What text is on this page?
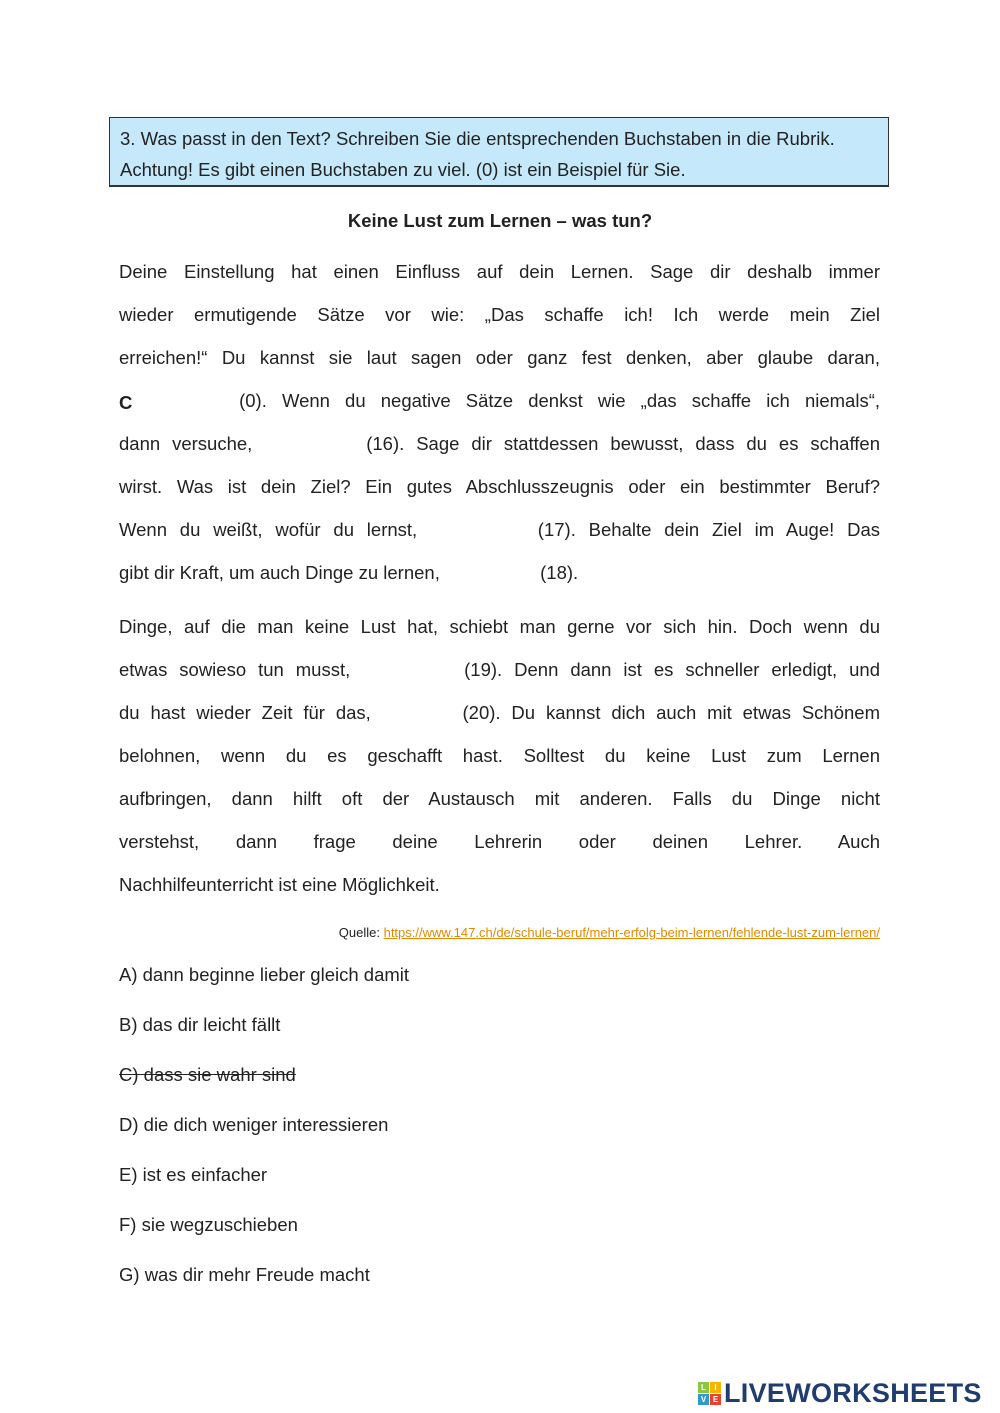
3. Was passt in den Text? Schreiben Sie die entsprechenden Buchstaben in die Rubrik. Achtung! Es gibt einen Buchstaben zu viel. (0) ist ein Beispiel für Sie.
Keine Lust zum Lernen – was tun?
Deine Einstellung hat einen Einfluss auf dein Lernen. Sage dir deshalb immer
wieder ermutigende Sätze vor wie: „Das schaffe ich! Ich werde mein Ziel
erreichen!“ Du kannst sie laut sagen oder ganz fest denken, aber glaube daran,
C	(0). Wenn du negative Sätze denkst wie „das schaffe ich niemals“,
dann versuche,	(16). Sage dir stattdessen bewusst, dass du es schaffen
wirst. Was ist dein Ziel? Ein gutes Abschlusszeugnis oder ein bestimmter Beruf?
Wenn du weißt, wofür du lernst,	(17). Behalte dein Ziel im Auge! Das
gibt dir Kraft, um auch Dinge zu lernen,	(18).
Dinge, auf die man keine Lust hat, schiebt man gerne vor sich hin. Doch wenn du
etwas sowieso tun musst,	(19). Denn dann ist es schneller erledigt, und
du hast wieder Zeit für das,	(20). Du kannst dich auch mit etwas Schönem
belohnen, wenn du es geschafft hast. Solltest du keine Lust zum Lernen
aufbringen, dann hilft oft der Austausch mit anderen. Falls du Dinge nicht
verstehst, dann frage deine Lehrerin oder deinen Lehrer. Auch
Nachhilfeunterricht ist eine Möglichkeit.
Quelle: https://www.147.ch/de/schule-beruf/mehr-erfolg-beim-lernen/fehlende-lust-zum-lernen/
A) dann beginne lieber gleich damit
B) das dir leicht fällt
C) dass sie wahr sind
D) die dich weniger interessieren
E) ist es einfacher
F) sie wegzuschieben
G) was dir mehr Freude macht
L	I
V E LIVEWORKSHEETS
